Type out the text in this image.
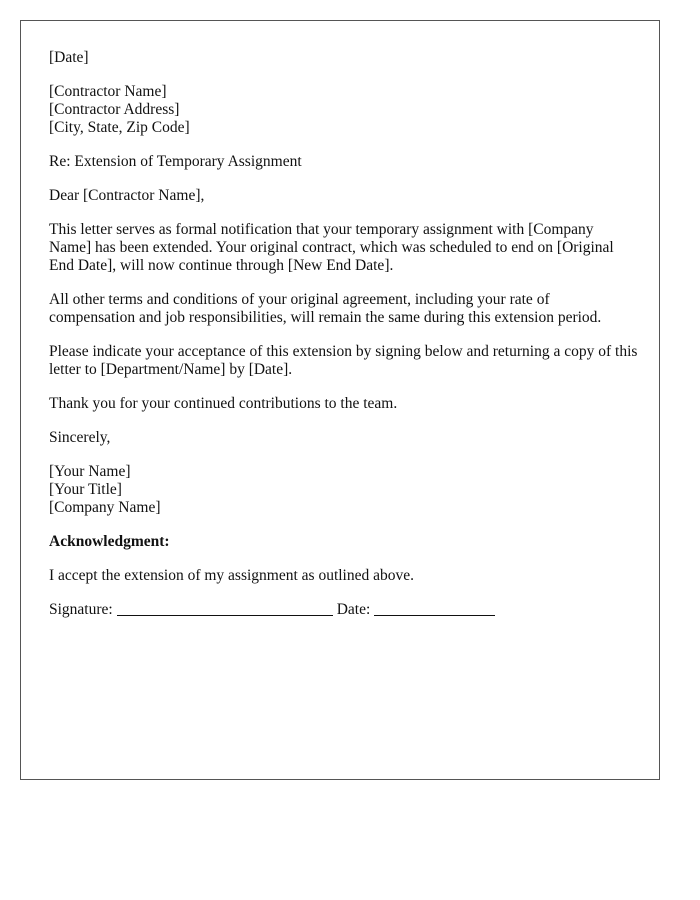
[Date]
[Contractor Name]
[Contractor Address]
[City, State, Zip Code]
Re: Extension of Temporary Assignment
Dear [Contractor Name],
This letter serves as formal notification that your temporary assignment with [Company Name] has been extended. Your original contract, which was scheduled to end on [Original End Date], will now continue through [New End Date].
All other terms and conditions of your original agreement, including your rate of compensation and job responsibilities, will remain the same during this extension period.
Please indicate your acceptance of this extension by signing below and returning a copy of this letter to [Department/Name] by [Date].
Thank you for your continued contributions to the team.
Sincerely,
[Your Name]
[Your Title]
[Company Name]
Acknowledgment:
I accept the extension of my assignment as outlined above.
Signature:	Date:
